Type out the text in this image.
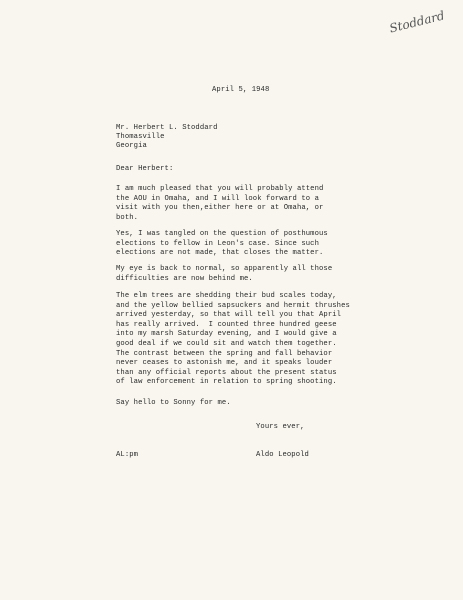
Stoddard
April 5, 1948
Mr. Herbert L. Stoddard
Thomasville
Georgia
Dear Herbert:
I am much pleased that you will probably attend
the AOU in Omaha, and I will look forward to a
visit with you then,either here or at Omaha, or
both.
Yes, I was tangled on the question of posthumous
elections to fellow in Leon's case. Since such
elections are not made, that closes the matter.
My eye is back to normal, so apparently all those
difficulties are now behind me.
The elm trees are shedding their bud scales today,
and the yellow bellied sapsuckers and hermit thrushes
arrived yesterday, so that will tell you that April
has really arrived.  I counted three hundred geese
into my marsh Saturday evening, and I would give a
good deal if we could sit and watch them together.
The contrast between the spring and fall behavior
never ceases to astonish me, and it speaks louder
than any official reports about the present status
of law enforcement in relation to spring shooting.
Say hello to Sonny for me.
Yours ever,
AL:pm	Aldo Leopold
